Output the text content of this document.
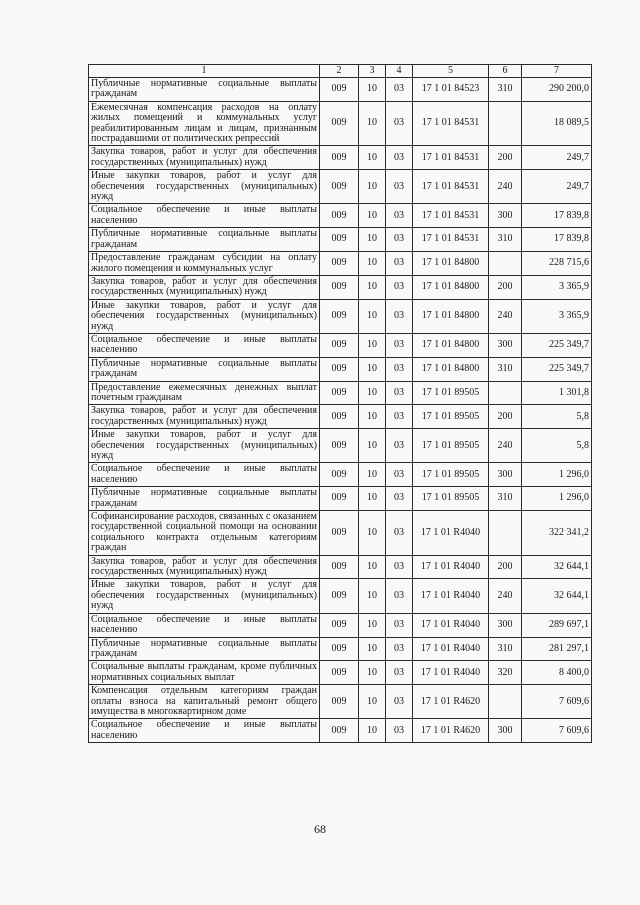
1	2	3	4	5	6	7
Публичные нормативные социальные выплаты гражданам	009	10	03	17 1 01 84523	310	290 200,0
Ежемесячная компенсация расходов на оплату жилых помещений и коммунальных услуг реабилитированным лицам и лицам, признанным пострадавшими от политических репрессий	009	10	03	17 1 01 84531		18 089,5
Закупка товаров, работ и услуг для обеспечения государственных (муниципальных) нужд	009	10	03	17 1 01 84531	200	249,7
Иные закупки товаров, работ и услуг для обеспечения государственных (муниципальных) нужд	009	10	03	17 1 01 84531	240	249,7
Социальное обеспечение и иные выплаты населению	009	10	03	17 1 01 84531	300	17 839,8
Публичные нормативные социальные выплаты гражданам	009	10	03	17 1 01 84531	310	17 839,8
Предоставление гражданам субсидии на оплату жилого помещения и коммунальных услуг	009	10	03	17 1 01 84800		228 715,6
Закупка товаров, работ и услуг для обеспечения государственных (муниципальных) нужд	009	10	03	17 1 01 84800	200	3 365,9
Иные закупки товаров, работ и услуг для обеспечения государственных (муниципальных) нужд	009	10	03	17 1 01 84800	240	3 365,9
Социальное обеспечение и иные выплаты населению	009	10	03	17 1 01 84800	300	225 349,7
Публичные нормативные социальные выплаты гражданам	009	10	03	17 1 01 84800	310	225 349,7
Предоставление ежемесячных денежных выплат почетным гражданам	009	10	03	17 1 01 89505		1 301,8
Закупка товаров, работ и услуг для обеспечения государственных (муниципальных) нужд	009	10	03	17 1 01 89505	200	5,8
Иные закупки товаров, работ и услуг для обеспечения государственных (муниципальных) нужд	009	10	03	17 1 01 89505	240	5,8
Социальное обеспечение и иные выплаты населению	009	10	03	17 1 01 89505	300	1 296,0
Публичные нормативные социальные выплаты гражданам	009	10	03	17 1 01 89505	310	1 296,0
Софинансирование расходов, связанных с оказанием государственной социальной помощи на основании социального контракта отдельным категориям граждан	009	10	03	17 1 01 R4040		322 341,2
Закупка товаров, работ и услуг для обеспечения государственных (муниципальных) нужд	009	10	03	17 1 01 R4040	200	32 644,1
Иные закупки товаров, работ и услуг для обеспечения государственных (муниципальных) нужд	009	10	03	17 1 01 R4040	240	32 644,1
Социальное обеспечение и иные выплаты населению	009	10	03	17 1 01 R4040	300	289 697,1
Публичные нормативные социальные выплаты гражданам	009	10	03	17 1 01 R4040	310	281 297,1
Социальные выплаты гражданам, кроме публичных нормативных социальных выплат	009	10	03	17 1 01 R4040	320	8 400,0
Компенсация отдельным категориям граждан оплаты взноса на капитальный ремонт общего имущества в многоквартирном доме	009	10	03	17 1 01 R4620		7 609,6
Социальное обеспечение и иные выплаты населению	009	10	03	17 1 01 R4620	300	7 609,6
68
